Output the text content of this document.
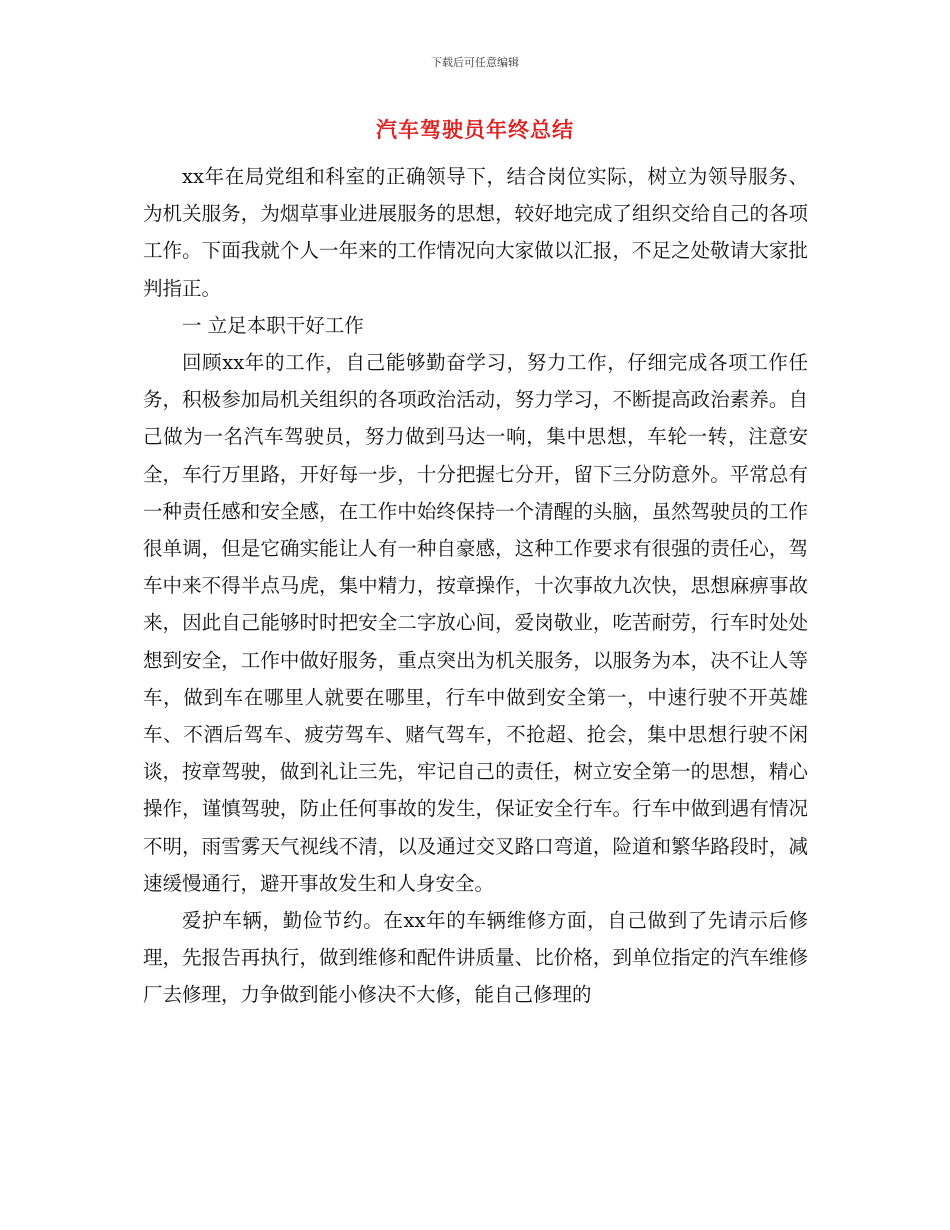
下载后可任意编辑
汽车驾驶员年终总结

xx年在局党组和科室的正确领导下，结合岗位实际，树立为领导服务、为机关服务，为烟草事业进展服务的思想，较好地完成了组织交给自己的各项工作。下面我就个人一年来的工作情况向大家做以汇报，不足之处敬请大家批判指正。

一 立足本职干好工作

回顾xx年的工作，自己能够勤奋学习，努力工作，仔细完成各项工作任务，积极参加局机关组织的各项政治活动，努力学习，不断提高政治素养。自己做为一名汽车驾驶员，努力做到马达一响，集中思想，车轮一转，注意安全，车行万里路，开好每一步，十分把握七分开，留下三分防意外。平常总有一种责任感和安全感，在工作中始终保持一个清醒的头脑，虽然驾驶员的工作很单调，但是它确实能让人有一种自豪感，这种工作要求有很强的责任心，驾车中来不得半点马虎，集中精力，按章操作，十次事故九次快，思想麻痹事故来，因此自己能够时时把安全二字放心间，爱岗敬业，吃苦耐劳，行车时处处想到安全，工作中做好服务，重点突出为机关服务，以服务为本，决不让人等车，做到车在哪里人就要在哪里，行车中做到安全第一，中速行驶不开英雄车、不酒后驾车、疲劳驾车、赌气驾车，不抢超、抢会，集中思想行驶不闲谈，按章驾驶，做到礼让三先，牢记自己的责任，树立安全第一的思想，精心操作，谨慎驾驶，防止任何事故的发生，保证安全行车。行车中做到遇有情况不明，雨雪雾天气视线不清，以及通过交叉路口弯道，险道和繁华路段时，减速缓慢通行，避开事故发生和人身安全。

爱护车辆，勤俭节约。在xx年的车辆维修方面，自己做到了先请示后修理，先报告再执行，做到维修和配件讲质量、比价格，到单位指定的汽车维修厂去修理，力争做到能小修决不大修，能自己修理的
